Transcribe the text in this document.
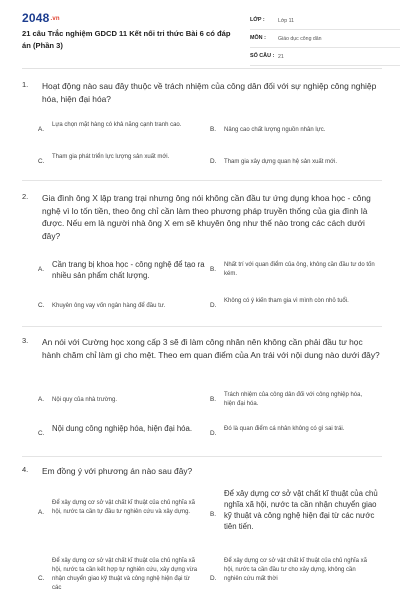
2048.vn
21 câu Trắc nghiệm GDCD 11 Kết nối tri thức Bài 6 có đáp án (Phần 3)
LỚP :	Lớp 11
MÔN : Giáo dục công dân
SỐ CÂU : 21
1. Hoạt động nào sau đây thuộc về trách nhiệm của công dân đối với sự nghiệp công nghiệp hóa, hiện đại hóa?
A.
Lựa chọn mặt hàng có khả năng cạnh tranh cao.
B. Nâng cao chất lượng nguồn nhân lực.
C.
Tham gia phát triển lực lượng sản xuất mới.
D. Tham gia xây dựng quan hệ sản xuất mới.
2. Gia đình ông X lập trang trại nhưng ông nói không cần đầu tư ứng dụng khoa học - công nghệ vì lo tốn tiền, theo ông chỉ cần làm theo phương pháp truyền thống của gia đình là được. Nếu em là người nhà ông X em sẽ khuyên ông như thế nào trong các cách dưới đây?
A.
Cần trang bị khoa học - công nghệ để tạo ra nhiều sản phẩm chất lượng.
B.
Nhất trí với quan điểm của ông, không cần đầu tư do tốn kém.
C. Khuyên ông vay vốn ngân hàng để đầu tư.	D.
Không có ý kiến tham gia vì mình còn nhỏ tuổi.
3. An nói với Cường học xong cấp 3 sẽ đi làm công nhân nên không cần phải đầu tư học hành chăm chỉ làm gì cho mệt. Theo em quan điểm của An trái với nội dung nào dưới đây?
A. Nội quy của nhà trường.	B.
Trách nhiệm của công dân đối với công nghiệp hóa, hiện đại hóa.
C.
Nội dung công nghiệp hóa, hiện đại hóa.
D.
Đó là quan điểm cá nhân không có gì sai trái.
4. Em đồng ý với phương án nào sau đây?
A.
Để xây dựng cơ sở vật chất kĩ thuật của chủ nghĩa xã hội, nước ta cần tự đầu tư nghiên cứu và xây dựng.	B.
Để xây dựng cơ sở vật chất kĩ thuật của chủ nghĩa xã hội, nước ta cần nhận chuyển giao kỹ thuật và công nghệ hiện đại từ các nước tiên tiến.
C.
Để xây dựng cơ sở vật chất kĩ thuật của chủ nghĩa xã hội, nước ta cần kết hợp tự nghiên cứu, xây dựng vừa nhận chuyển giao kỹ thuật và công nghệ hiện đại từ các
D.
Để xây dựng cơ sở vật chất kĩ thuật của chủ nghĩa xã hội, nước ta cần đầu tư cho xây dựng, không cần nghiên cứu mất thời
